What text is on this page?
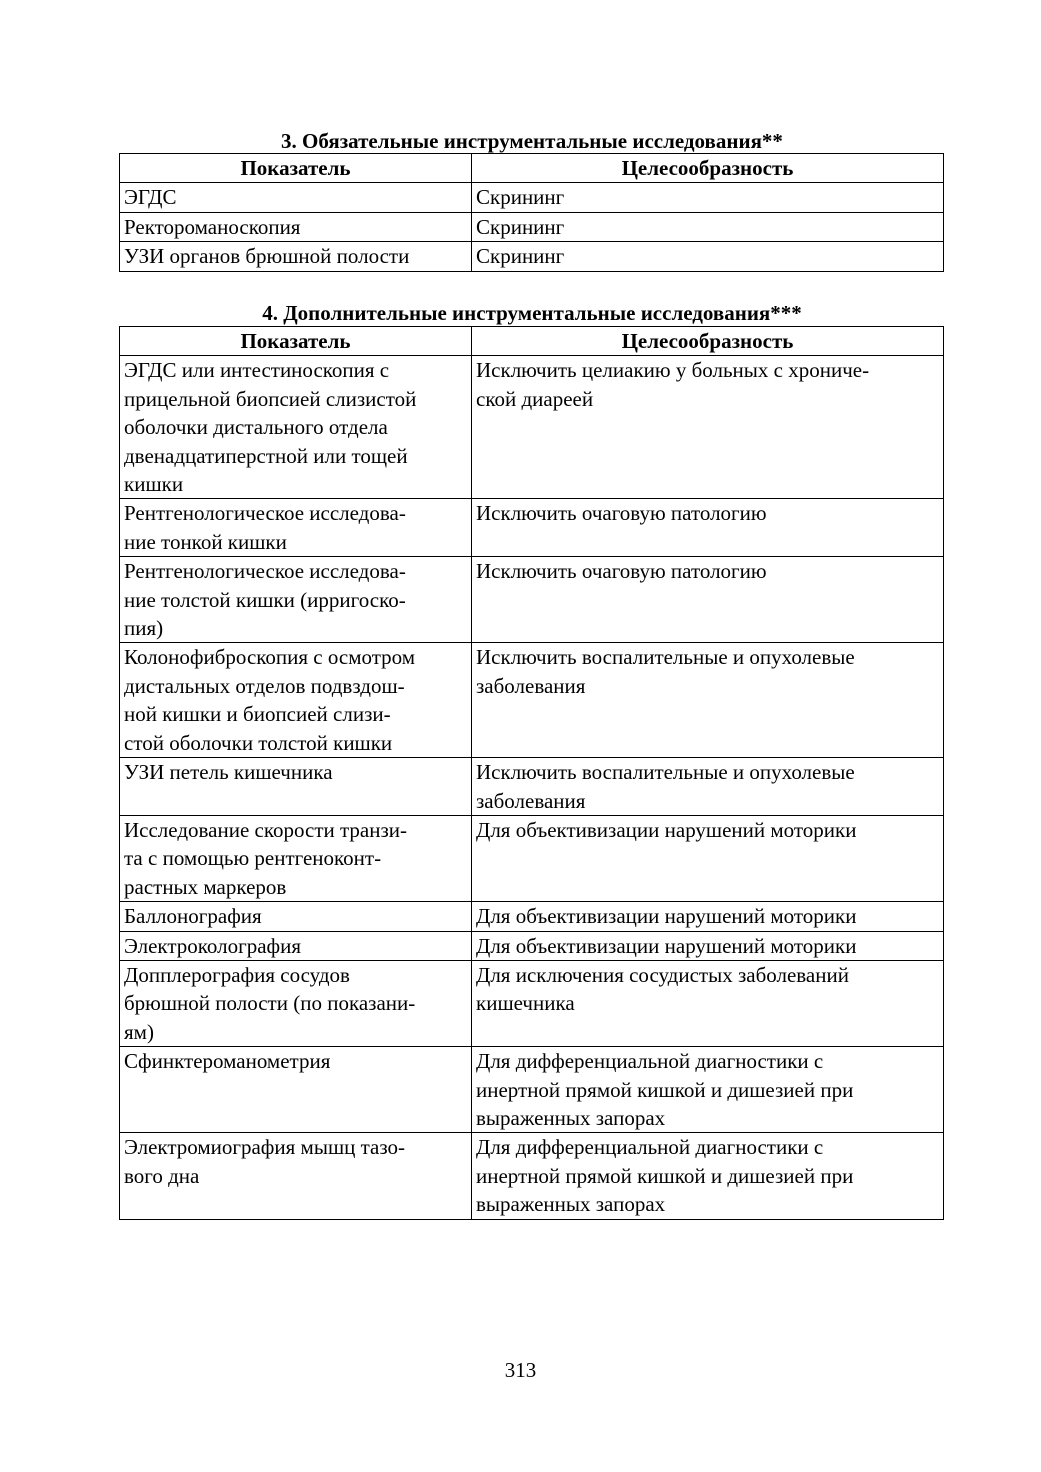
3. Обязательные инструментальные исследования**
Показатель	Целесообразность
ЭГДС	Скрининг
Ректороманоскопия	Скрининг
УЗИ органов брюшной полости	Скрининг
4. Дополнительные инструментальные исследования***
Показатель	Целесообразность

ЭГДС или интестиноскопия с
прицельной биопсией слизистой
оболочки дистального отдела
двенадцатиперстной или тощей
кишки	Исключить целиакию у больных с хрониче-
ской диареей

Рентгенологическое исследова-
ние тонкой кишки	Исключить очаговую патологию

Рентгенологическое исследова-
ние толстой кишки (ирригоско-
пия)	Исключить очаговую патологию

Колонофиброскопия с осмотром
дистальных отделов подвздош-
ной кишки и биопсией слизи-
стой оболочки толстой кишки	Исключить воспалительные и опухолевые
заболевания

УЗИ петель кишечника	Исключить воспалительные и опухолевые
заболевания

Исследование скорости транзи-
та с помощью рентгеноконт-
растных маркеров	Для объективизации нарушений моторики

Баллонография	Для объективизации нарушений моторики

Электроколография	Для объективизации нарушений моторики

Допплерография сосудов
брюшной полости (по показани-
ям)	Для исключения сосудистых заболеваний
кишечника

Сфинктероманометрия	Для дифференциальной диагностики с
инертной прямой кишкой и дишезией при
выраженных запорах

Электромиография мышц тазо-
вого дна	Для дифференциальной диагностики с
инертной прямой кишкой и дишезией при
выраженных запорах
313
